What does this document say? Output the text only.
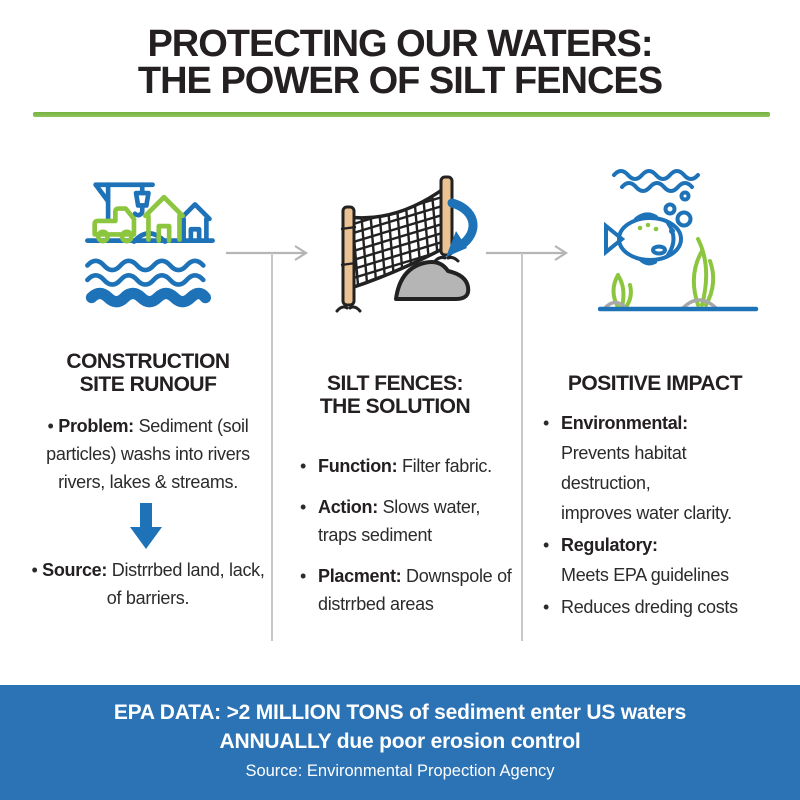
PROTECTING OUR WATERS:
THE POWER OF SILT FENCES
CONSTRUCTION
SITE RUNOUF
• Problem: Sediment (soil
particles) washs into rivers
rivers, lakes & streams.
• Source: Distrrbed land, lack,
of barriers.
SILT FENCES:
THE SOLUTION
• Function: Filter fabric.
• Action: Slows water,
traps sediment
• Placment: Downspole of
distrrbed areas
POSITIVE IMPACT
• Environmental:
Prevents habitat destruction,
improves water clarity.
• Regulatory:
Meets EPA guidelines
• Reduces dreding costs
EPA DATA: >2 MILLION TONS of sediment enter US waters
ANNUALLY due poor erosion control
Source: Environmental Propection Agency
